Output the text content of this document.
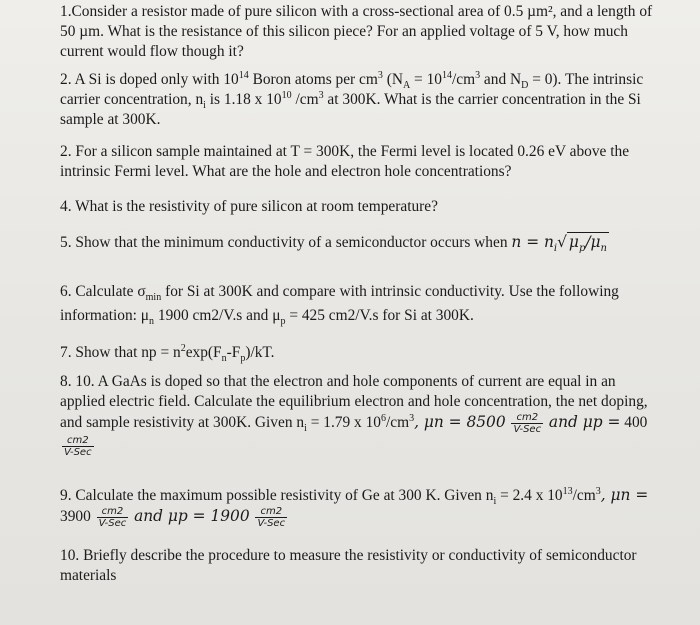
1.Consider a resistor made of pure silicon with a cross-sectional area of 0.5 µm², and a length of 50 µm. What is the resistance of this silicon piece? For an applied voltage of 5 V, how much current would flow though it?

2. A Si is doped only with $10^{14}$ Boron atoms per $cm^3$ ($N_A = 10^{14}/cm^3$ and $N_D = 0$). The intrinsic carrier concentration, $n_i$ is 1.18 x $10^{10}$ $/cm^3$ at 300K. What is the carrier concentration in the Si sample at 300K.

2. For a silicon sample maintained at T = 300K, the Fermi level is located 0.26 eV above the intrinsic Fermi level. What are the hole and electron hole concentrations?

4. What is the resistivity of pure silicon at room temperature?

5. Show that the minimum conductivity of a semiconductor occurs when $n = n_i√$ $\mu_p/\mu_n$

6. Calculate $\sigma_{min}$ for Si at 300K and compare with intrinsic conductivity. Use the following information: $\mu_n$ 1900 cm2/V.s and $\mu_p = 425$ cm2/V.s for Si at 300K.

7. Show that np = $n^2\exp(F_n-F_p)/kT$.

8. 10. A GaAs is doped so that the electron and hole components of current are equal in an applied electric field. Calculate the equilibrium electron and hole concentration, the net doping, and sample resistivity at 300K. Given $n_i = 1.79$ x $10^6/cm^3$, $\mu n = 8500 \frac{cm2}{\text{V-Sec}}$ and μp = 400
$\frac{cm2}{\text{V-Sec}}$

9. Calculate the maximum possible resistivity of Ge at 300 K. Given $n_i = 2.4$ x $10^{13}/cm^3$, $\mu n = 3900 \frac{cm2}{\text{V-Sec}}$ and $\mu p = 1900 \frac{cm2}{\text{V-Sec}}$

10. Briefly describe the procedure to measure the resistivity or conductivity of semiconductor materials
